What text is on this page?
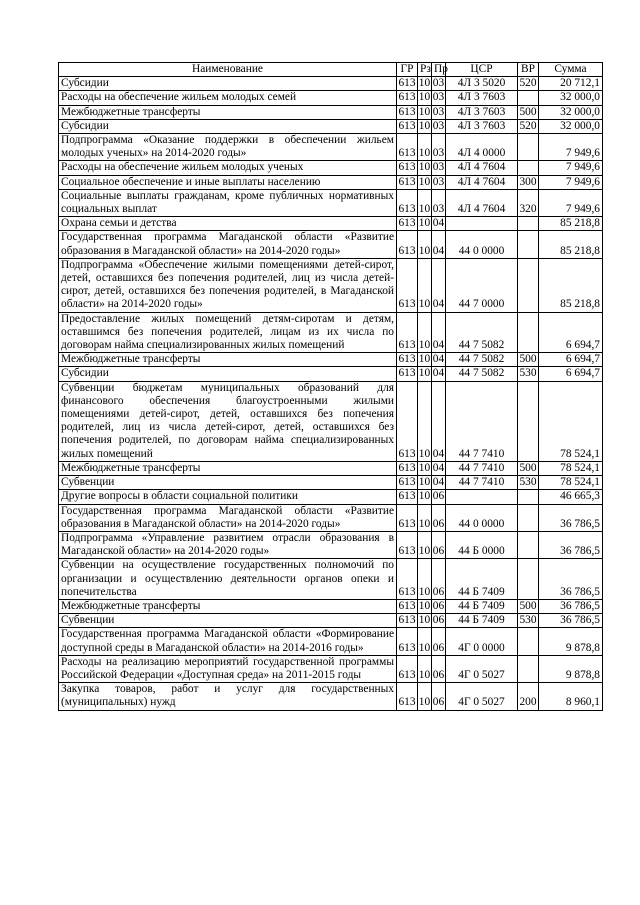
Наименование	ГР	Рз	Пр	ЦСР	ВР	Сумма
Субсидии	613	10	03	4Л 3 5020	520	20 712,1
Расходы на обеспечение жильем молодых семей	613	10	03	4Л 3 7603		32 000,0
Межбюджетные трансферты	613	10	03	4Л 3 7603	500	32 000,0
Субсидии	613	10	03	4Л 3 7603	520	32 000,0
Подпрограмма «Оказание поддержки в обеспечении жильем молодых ученых» на 2014-2020 годы»	613	10	03	4Л 4 0000		7 949,6
Расходы на обеспечение жильем молодых ученых	613	10	03	4Л 4 7604		7 949,6
Социальное обеспечение и иные выплаты населению	613	10	03	4Л 4 7604	300	7 949,6
Социальные выплаты гражданам, кроме публичных нормативных социальных выплат	613	10	03	4Л 4 7604	320	7 949,6
Охрана семьи и детства	613	10	04			85 218,8
Государственная программа Магаданской области «Развитие образования в Магаданской области» на 2014-2020 годы»	613	10	04	44 0 0000		85 218,8
Подпрограмма «Обеспечение жилыми помещениями детей-сирот, детей, оставшихся без попечения родителей, лиц из числа детей-сирот, детей, оставшихся без попечения родителей, в Магаданской области» на 2014-2020 годы»	613	10	04	44 7 0000		85 218,8
Предоставление жилых помещений детям-сиротам и детям, оставшимся без попечения родителей, лицам из их числа по договорам найма специализированных жилых помещений	613	10	04	44 7 5082		6 694,7
Межбюджетные трансферты	613	10	04	44 7 5082	500	6 694,7
Субсидии	613	10	04	44 7 5082	530	6 694,7
Субвенции бюджетам муниципальных образований для финансового обеспечения благоустроенными жилыми помещениями детей-сирот, детей, оставшихся без попечения родителей, лиц из числа детей-сирот, детей, оставшихся без попечения родителей, по договорам найма специализированных жилых помещений	613	10	04	44 7 7410		78 524,1
Межбюджетные трансферты	613	10	04	44 7 7410	500	78 524,1
Субвенции	613	10	04	44 7 7410	530	78 524,1
Другие вопросы в области социальной политики	613	10	06			46 665,3
Государственная программа Магаданской области «Развитие образования в Магаданской области» на 2014-2020 годы»	613	10	06	44 0 0000		36 786,5
Подпрограмма «Управление развитием отрасли образования в Магаданской области» на 2014-2020 годы»	613	10	06	44 Б 0000		36 786,5
Субвенции на осуществление государственных полномочий по организации и осуществлению деятельности органов опеки и попечительства	613	10	06	44 Б 7409		36 786,5
Межбюджетные трансферты	613	10	06	44 Б 7409	500	36 786,5
Субвенции	613	10	06	44 Б 7409	530	36 786,5
Государственная программа Магаданской области «Формирование доступной среды в Магаданской области» на 2014-2016 годы»	613	10	06	4Г 0 0000		9 878,8
Расходы на реализацию мероприятий государственной программы Российской Федерации «Доступная среда» на 2011-2015 годы	613	10	06	4Г 0 5027		9 878,8
Закупка товаров, работ и услуг для государственных (муниципальных) нужд	613	10	06	4Г 0 5027	200	8 960,1
